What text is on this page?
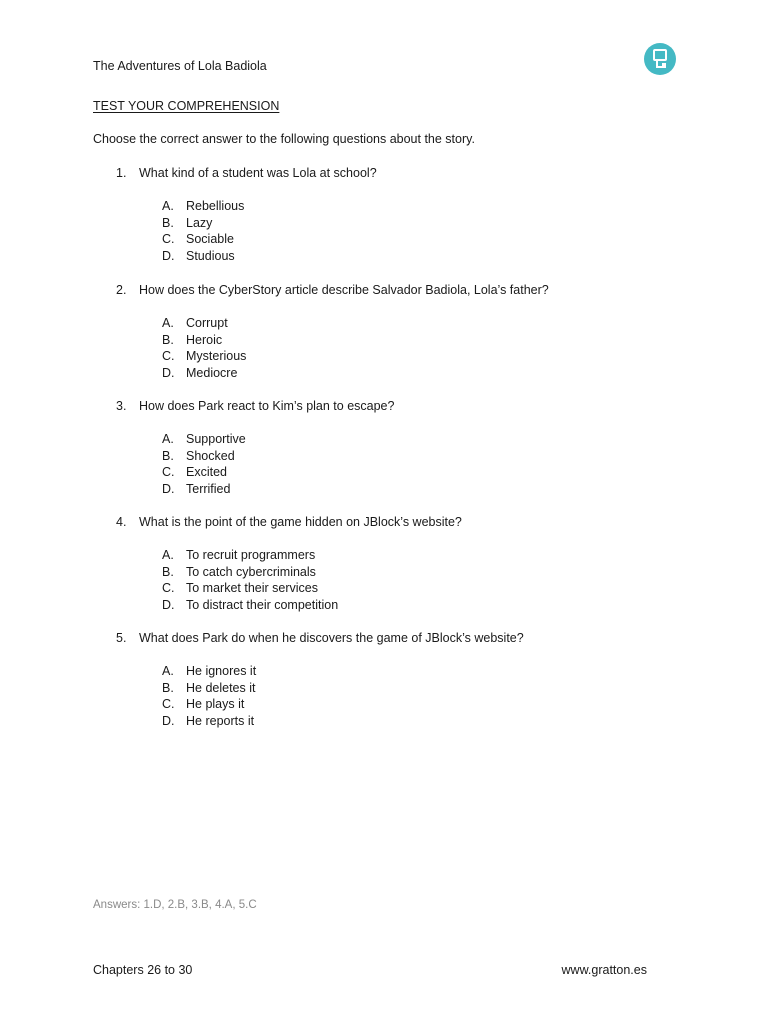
The Adventures of Lola Badiola
TEST YOUR COMPREHENSION
Choose the correct answer to the following questions about the story.
1.	What kind of a student was Lola at school?
A. Rebellious
B. Lazy
C. Sociable
D. Studious
2.	How does the CyberStory article describe Salvador Badiola, Lola’s father?
A. Corrupt
B. Heroic
C. Mysterious
D. Mediocre
3.	How does Park react to Kim’s plan to escape?
A. Supportive
B. Shocked
C. Excited
D. Terrified
4.	What is the point of the game hidden on JBlock’s website?
A. To recruit programmers
B. To catch cybercriminals
C. To market their services
D. To distract their competition
5.	What does Park do when he discovers the game of JBlock’s website?
A. He ignores it
B. He deletes it
C. He plays it
D. He reports it
Answers: 1.D, 2.B, 3.B, 4.A, 5.C
Chapters 26 to 30	www.gratton.es
